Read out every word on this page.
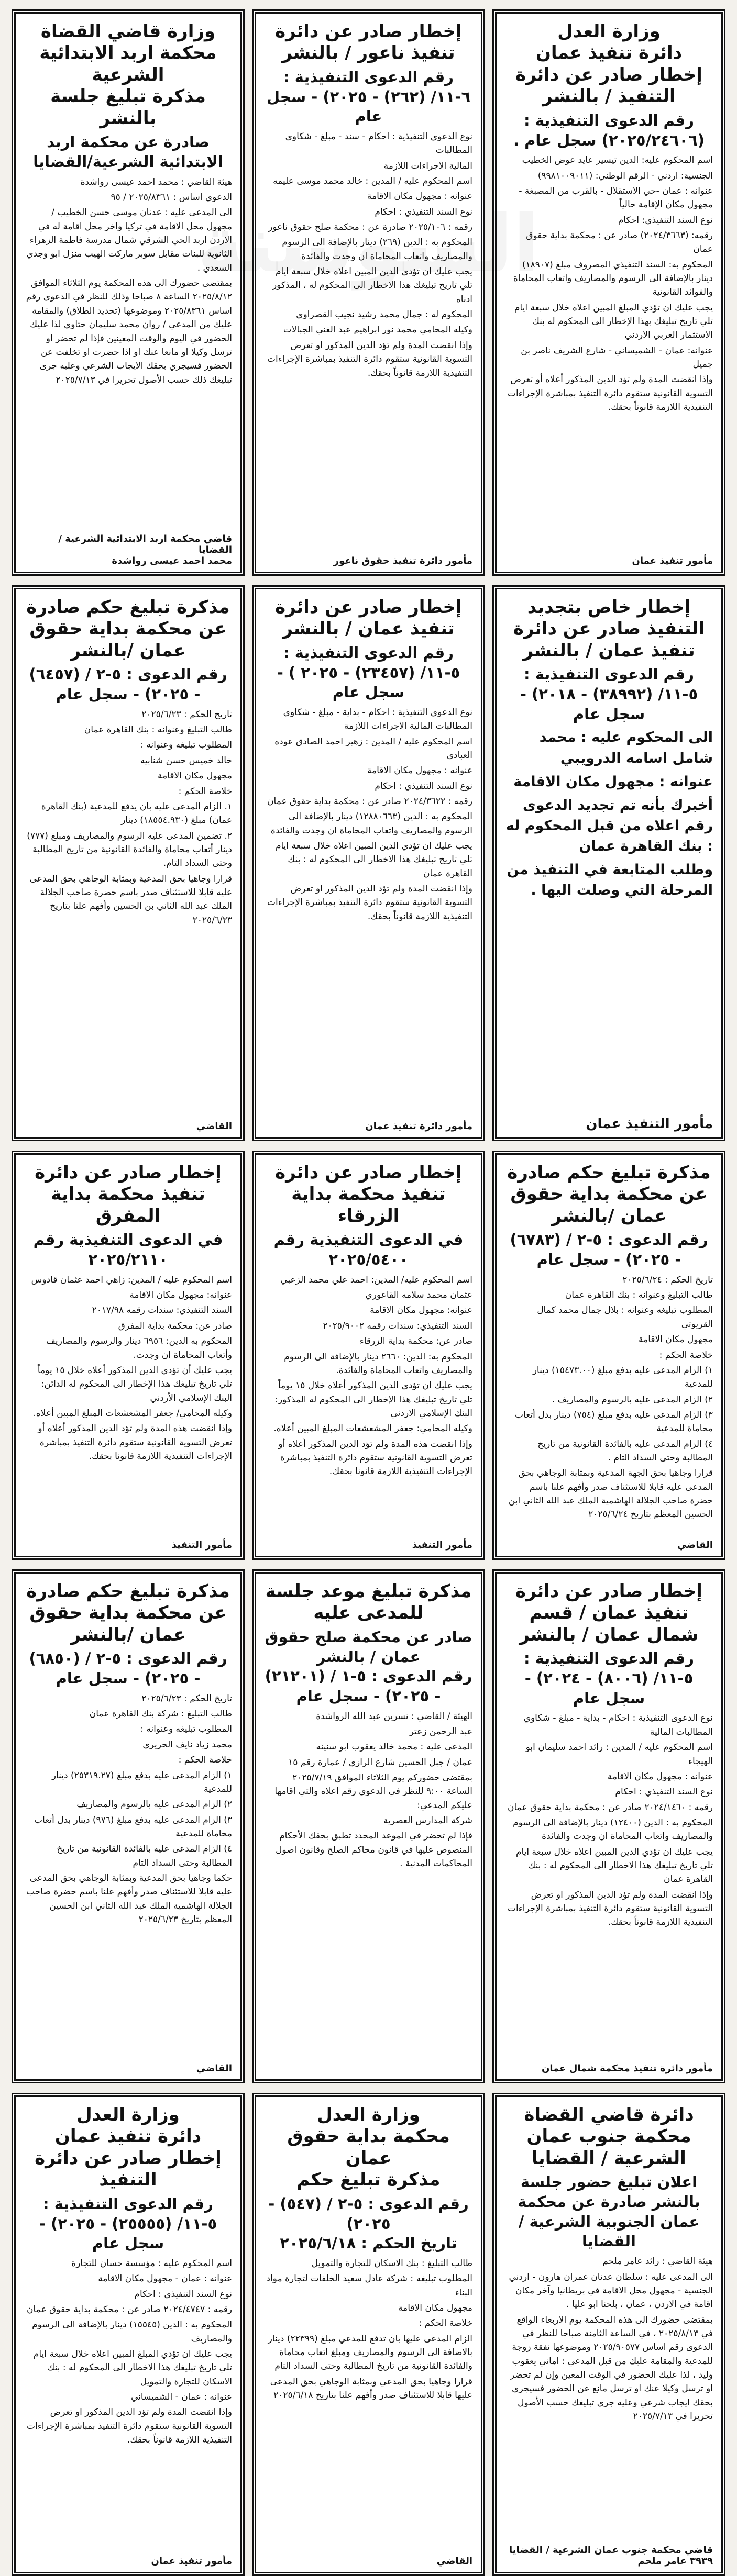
وزارة العدل
دائرة تنفيذ عمان
إخطار صادر عن دائرة التنفيذ / بالنشر
رقم الدعوى التنفيذية : (٢٠٢٥/٢٤٦٠٦) سجل عام .

اسم المحكوم عليه: الدين تيسير عايد عوض الخطيب

الجنسية: اردني - الرقم الوطني: (٩٩٨١٠٠٩٠١١)

عنوانه : عمان -حي الاستقلال - بالقرب من المصبغة - مجهول مكان الإقامة حالياً

نوع السند التنفيذي: احكام

رقمه: (٢٠٢٤/٣٦٦٣) صادر عن : محكمة بداية حقوق عمان

المحكوم به: السند التنفيذي المصروف مبلغ (١٨٩٠٧) دينار بالإضافة الى الرسوم والمصاريف واتعاب المحاماة والفوائد القانونية

يجب عليك ان تؤدي المبلغ المبين اعلاه خلال سبعة ايام تلي تاريخ تبليغك بهذا الإخطار الى المحكوم له بنك الاستثمار العربي الاردني

عنوانه: عمان - الشميساني - شارع الشريف ناصر بن جميل

وإذا انقضت المدة ولم تؤد الدين المذكور أعلاه أو تعرض التسوية القانونية ستقوم دائرة التنفيذ بمباشرة الإجراءات التنفيذية اللازمة قانوناً بحقك.

مأمور تنفيذ عمان
إخطار صادر عن دائرة تنفيذ ناعور / بالنشر
رقم الدعوى التنفيذية : ٦-١١/ (٢٦٢) - ٢٠٢٥) - سجل عام

نوع الدعوى التنفيذية : احكام - سند - مبلغ - شكاوي المطالبات

المالية الاجراءات اللازمة

اسم المحكوم عليه / المدين : خالد محمد موسى عليمه

عنوانه : مجهول مكان الاقامة

نوع السند التنفيذي : احكام

رقمه : ٢٠٢٥/١٠٦ صادرة عن : محكمة صلح حقوق ناعور

المحكوم به : الدين (٢٦٩) دينار بالإضافة الى الرسوم والمصاريف واتعاب المحاماة ان وجدت والفائدة

يجب عليك ان تؤدي الدين المبين اعلاه خلال سبعة ايام تلي تاريخ تبليغك هذا الاخطار الى المحكوم له ، المذكور ادناه

المحكوم له : جمال محمد رشيد نجيب القصراوي

وكيله المحامي محمد نور ابراهيم عبد الغني الجبالات

وإذا انقضت المدة ولم تؤد الدين المذكور او تعرض التسوية القانونية ستقوم دائرة التنفيذ بمباشرة الإجراءات التنفيذية اللازمة قانوناً بحقك.

مأمور دائرة تنفيذ حقوق ناعور
وزارة قاضي القضاة
محكمة اربد الابتدائية الشرعية
مذكرة تبليغ جلسة بالنشر
صادرة عن محكمة اربد الابتدائية الشرعية/القضايا

هيئة القاضي : محمد احمد عيسى رواشدة

الدعوى اساس : ٢٠٢٥/٨٣٦١ / ٩٥

الى المدعى عليه : عدنان موسى حسن الخطيب / مجهول محل الاقامة في تركيا واخر محل اقامة له في الاردن اربد الحي الشرقي شمال مدرسة فاطمة الزهراء الثانوية للبنات مقابل سوبر ماركت الهيب منزل ابو وجدي السعدي .

بمقتضى حضورك الى هذه المحكمة يوم الثلاثاء الموافق ٢٠٢٥/٨/١٢ الساعة ٨ صباحا وذلك للنظر في الدعوى رقم اساس ٢٠٢٥/٨٣٦١ وموضوعها (تحديد الطلاق) والمقامة عليك من المدعي / روان محمد سليمان حتاوي لذا عليك الحضور في اليوم والوقت المعينين فإذا لم تحضر او ترسل وكيلا او مانعا عنك او اذا حضرت او تخلفت عن الحضور فسيجري بحقك الايجاب الشرعي وعليه جرى تبليغك ذلك حسب الأصول تحريرا في ٢٠٢٥/٧/١٣

قاضي محكمة اربد الابتدائية الشرعية / القضايا
محمد احمد عيسى رواشدة
إخطار خاص بتجديد التنفيذ صادر عن دائرة تنفيذ عمان / بالنشر
رقم الدعوى التنفيذية : ٥-١١/ (٣٨٩٩٢) - ٢٠١٨) - سجل عام

الى المحكوم عليه : محمد شامل اسامه الدرويبي

عنوانه : مجهول مكان الاقامة

أخبرك بأنه تم تجديد الدعوى رقم اعلاه من قبل المحكوم له : بنك القاهرة عمان

وطلب المتابعة في التنفيذ من المرحلة التي وصلت اليها .

مأمور التنفيذ عمان
إخطار صادر عن دائرة تنفيذ عمان / بالنشر
رقم الدعوى التنفيذية : ٥-١١/ (٢٣٤٥٧) - ٢٠٢٥ ) - سجل عام

نوع الدعوى التنفيذية : احكام - بداية - مبلغ - شكاوي المطالبات المالية الاجراءات اللازمة

اسم المحكوم عليه / المدين : زهير احمد الصادق عوده العبادي

عنوانه : مجهول مكان الاقامة

نوع السند التنفيذي : احكام

رقمه : ٢٠٢٤/٣٦٢٢ صادر عن : محكمة بداية حقوق عمان

المحكوم به : الدين (١٢٨٨٠٦٦٣) دينار بالإضافة الى الرسوم والمصاريف واتعاب المحاماة ان وجدت والفائدة

يجب عليك ان تؤدي الدين المبين اعلاه خلال سبعة ايام تلي تاريخ تبليغك هذا الاخطار الى المحكوم له : بنك القاهرة عمان

وإذا انقضت المدة ولم تؤد الدين المذكور او تعرض التسوية القانونية ستقوم دائرة التنفيذ بمباشرة الإجراءات التنفيذية اللازمة قانوناً بحقك.

مأمور دائرة تنفيذ عمان
مذكرة تبليغ حكم صادرة عن محكمة بداية حقوق عمان /بالنشر
رقم الدعوى : ٥-٢ / (٦٤٥٧) - ٢٠٢٥) - سجل عام

تاريخ الحكم : ٢٠٢٥/٦/٢٣

طالب التبليغ وعنوانه : بنك القاهرة عمان

المطلوب تبليغه وعنوانه :

خالد خميس حسن شنابيه

مجهول مكان الاقامة

خلاصة الحكم :

١. الزام المدعى عليه بان يدفع للمدعية (بنك القاهرة عمان) مبلغ (١٨٥٥٤.٩٣٠) دينار

٢. تضمين المدعى عليه الرسوم والمصاريف ومبلغ (٧٧٧) دينار أتعاب محاماة والفائدة القانونية من تاريخ المطالبة وحتى السداد التام.

قرارا وجاهيا بحق المدعية وبمثابة الوجاهي بحق المدعى عليه قابلا للاستئناف صدر باسم حضرة صاحب الجلالة الملك عبد الله الثاني بن الحسين وأفهم علنا بتاريخ ٢٠٢٥/٦/٢٣

القاضي
مذكرة تبليغ حكم صادرة عن محكمة بداية حقوق عمان /بالنشر
رقم الدعوى : ٥-٢ / (٦٧٨٣) - ٢٠٢٥) - سجل عام

تاريخ الحكم : ٢٠٢٥/٦/٢٤

طالب التبليغ وعنوانه : بنك القاهرة عمان

المطلوب تبليغه وعنوانه : بلال جمال محمد كمال القريوتي

مجهول مكان الاقامة

خلاصة الحكم :

١) الزام المدعى عليه بدفع مبلغ (١٥٤٧٣.٠٠) دينار للمدعية

٢) الزام المدعى عليه بالرسوم والمصاريف .

٣) الزام المدعى عليه بدفع مبلغ (٧٥٤) دينار بدل أتعاب محاماة للمدعية

٤) الزام المدعى عليه بالفائدة القانونية من تاريخ المطالبة وحتى السداد التام .

قرارا وجاهيا بحق الجهة المدعية وبمثابة الوجاهي بحق المدعى عليه قابلا للاستئناف صدر وأفهم علنا باسم حضرة صاحب الجلالة الهاشمية الملك عبد الله الثاني ابن الحسين المعظم بتاريخ ٢٠٢٥/٦/٢٤

القاضي
إخطار صادر عن دائرة تنفيذ محكمة بداية الزرقاء
في الدعوى التنفيذية رقم ٢٠٢٥/٥٤٠٠

اسم المحكوم عليه/ المدين: احمد علي محمد الزعبي

عثمان محمد سلامه القاعوري

عنوانه: مجهول مكان الاقامة

السند التنفيذي: سندات رقمه ٢٠٢٥/٩٠٠٢

صادر عن: محكمة بداية الزرقاء

المحكوم به: الدين: ٢٦٦٠ دينار بالإضافة الى الرسوم والمصاريف واتعاب المحاماة والفائدة.

يجب عليك ان تؤدي الدين المذكور أعلاه خلال ١٥ يوماً تلي تاريخ تبليغك هذا الإخطار الى المحكوم له المذكور: البنك الإسلامي الاردني

وكيله المحامي: جعفر المشعشعات المبلغ المبين أعلاه.

وإذا انقضت هذه المدة ولم تؤد الدين المذكور أعلاه أو تعرض التسوية القانونية ستقوم دائرة التنفيذ بمباشرة الإجراءات التنفيذية اللازمة قانونا بحقك.

مأمور التنفيذ
إخطار صادر عن دائرة تنفيذ محكمة بداية المفرق
في الدعوى التنفيذية رقم ٢٠٢٥/٢١١٠

اسم المحكوم عليه / المدين: زاهي احمد عثمان قادوس

عنوانه: مجهول مكان الاقامة

السند التنفيذي: سندات رقمه ٢٠١٧/٩٨

صادر عن: محكمة بداية المفرق

المحكوم به الدين: ٦٩٥٦ دينار والرسوم والمصاريف وأتعاب المحاماة ان وجدت.

يجب عليك أن تؤدي الدين المذكور أعلاه خلال ١٥ يوماً تلي تاريخ تبليغك هذا الإخطار الى المحكوم له الدائن: البنك الإسلامي الأردني

وكيله المحامي/ جعفر المشعشعات المبلغ المبين أعلاه.

وإذا انقضت هذه المدة ولم تؤد الدين المذكور أعلاه أو تعرض التسوية القانونية ستقوم دائرة التنفيذ بمباشرة الإجراءات التنفيذية اللازمة قانونا بحقك.

مأمور التنفيذ
إخطار صادر عن دائرة تنفيذ عمان / قسم شمال عمان / بالنشر
رقم الدعوى التنفيذية : ٥-١١/ (٨٠٠٦) - ٢٠٢٤) - سجل عام

نوع الدعوى التنفيذية : احكام - بداية - مبلغ - شكاوي المطالبات المالية

اسم المحكوم عليه / المدين : رائد احمد سليمان ابو الهيجاء

عنوانه : مجهول مكان الاقامة

نوع السند التنفيذي : احكام

رقمه : ٢٠٢٤/١٤٦٠ صادر عن : محكمة بداية حقوق عمان

المحكوم به : الدين (١٢٤٠٠) دينار بالإضافة الى الرسوم والمصاريف واتعاب المحاماة ان وجدت والفائدة

يجب عليك ان تؤدي الدين المبين اعلاه خلال سبعة ايام تلي تاريخ تبليغك هذا الاخطار الى المحكوم له : بنك القاهرة عمان

وإذا انقضت المدة ولم تؤد الدين المذكور او تعرض التسوية القانونية ستقوم دائرة التنفيذ بمباشرة الإجراءات التنفيذية اللازمة قانوناً بحقك.

مأمور دائرة تنفيذ محكمة شمال عمان
مذكرة تبليغ موعد جلسة للمدعى عليه
صادر عن محكمة صلح حقوق عمان / بالنشر
رقم الدعوى : ٥-١ / (٢١٢٠١) - ٢٠٢٥) - سجل عام

الهيئة / القاضي : نسرين عبد الله الرواشدة

عبد الرحمن زعتر

المدعى عليه : محمد خالد يعقوب ابو سنينه

عمان / جبل الحسين شارع الرازي / عمارة رقم ١٥

بمقتضى حضوركم يوم الثلاثاء الموافق ٢٠٢٥/٧/١٩ الساعة ٩:٠٠ للنظر في الدعوى رقم اعلاه والتي اقامها عليكم المدعي:

شركة المدارس العصرية

فإذا لم تحضر في الموعد المحدد تطبق بحقك الأحكام المنصوص عليها في قانون محاكم الصلح وقانون اصول المحاكمات المدنية .

مذكرة تبليغ حكم صادرة عن محكمة بداية حقوق عمان /بالنشر
رقم الدعوى : ٥-٢ / (٦٨٥٠) - ٢٠٢٥) - سجل عام

تاريخ الحكم : ٢٠٢٥/٦/٢٣

طالب التبليغ : شركة بنك القاهرة عمان

المطلوب تبليغه وعنوانه :

محمد زياد نايف الحريري

خلاصة الحكم :

١) الزام المدعى عليه بدفع مبلغ (٢٥٣١٩.٢٧) دينار للمدعية

٢) الزام المدعى عليه بالرسوم والمصاريف

٣) الزام المدعى عليه بدفع مبلغ (٩٧٦) دينار بدل أتعاب محاماة للمدعية

٤) الزام المدعى عليه بالفائدة القانونية من تاريخ المطالبة وحتى السداد التام

حكما وجاهيا بحق المدعية وبمثابة الوجاهي بحق المدعى عليه قابلا للاستئناف صدر وأفهم علنا باسم حضرة صاحب الجلالة الهاشمية الملك عبد الله الثاني ابن الحسين المعظم بتاريخ ٢٠٢٥/٦/٢٣

القاضي
دائرة قاضي القضاة
محكمة جنوب عمان الشرعية / القضايا
اعلان تبليغ حضور جلسة بالنشر صادرة عن محكمة عمان الجنوبية الشرعية / القضايا

هيئة القاضي : رائد عامر ملحم

الى المدعى عليه : سلطان عدنان عمران هارون - اردني الجنسية - مجهول محل الاقامة في بريطانيا وآخر مكان اقامة في الاردن ، عمان ، بلحنا ابو عليا .

بمقتضى حضورك الى هذه المحكمة يوم الاربعاء الواقع في ٢٠٢٥/٨/١٣ ، في الساعة الثامنة صباحا للنظر في الدعوى رقم اساس ٢٠٢٥/٩٠٥٧٧ وموضوعها نفقة زوجة للمدعية والمقامة عليك من قبل المدعي : اماني يعقوب وليد ، لذا عليك الحضور في الوقت المعين وإن لم تحضر او ترسل وكيلا عنك او ترسل مانع عن الحضور فسيجري بحقك ايجاب شرعي وعليه جرى تبليغك حسب الأصول تحريرا في ٢٠٢٥/٧/١٣

قاضي محكمة جنوب عمان الشرعية / القضايا ٣٩٣٩ عامر ملحم
وزارة العدل
محكمة بداية حقوق عمان
مذكرة تبليغ حكم
رقم الدعوى : ٥-٢ / (٥٤٧) - ٢٠٢٥)
تاريخ الحكم : ٢٠٢٥/٦/١٨

طالب التبليغ : بنك الاسكان للتجارة والتمويل

المطلوب تبليغه : شركة عادل سعيد الخلفات لتجارة مواد البناء

مجهول مكان الاقامة

خلاصة الحكم :

الزام المدعى عليها بان تدفع للمدعي مبلغ (٢٢٣٩٩) دينار بالاضافة الى الرسوم والمصاريف ومبلغ اتعاب محاماة والفائدة القانونية من تاريخ المطالبة وحتى السداد التام

قرارا وجاهيا بحق المدعي وبمثابة الوجاهي بحق المدعى عليها قابلا للاستئناف صدر وأفهم علنا بتاريخ ٢٠٢٥/٦/١٨

القاضي
وزارة العدل
دائرة تنفيذ عمان
إخطار صادر عن دائرة التنفيذ
رقم الدعوى التنفيذية : ٥-١١/ (٢٥٥٥٥) - ٢٠٢٥) - سجل عام

اسم المحكوم عليه : مؤسسة حسان للتجارة

عنوانه : عمان - مجهول مكان الاقامة

نوع السند التنفيذي : احكام

رقمه : ٢٠٢٤/٤٧٤٧ صادر عن : محكمة بداية حقوق عمان

المحكوم به : الدين (١٥٥٤٥) دينار بالإضافة الى الرسوم والمصاريف

يجب عليك ان تؤدي المبلغ المبين اعلاه خلال سبعة ايام تلي تاريخ تبليغك هذا الاخطار الى المحكوم له : بنك الاسكان للتجارة والتمويل

عنوانه : عمان - الشميساني

وإذا انقضت المدة ولم تؤد الدين المذكور او تعرض التسوية القانونية ستقوم دائرة التنفيذ بمباشرة الإجراءات التنفيذية اللازمة قانوناً بحقك.

مأمور تنفيذ عمان
